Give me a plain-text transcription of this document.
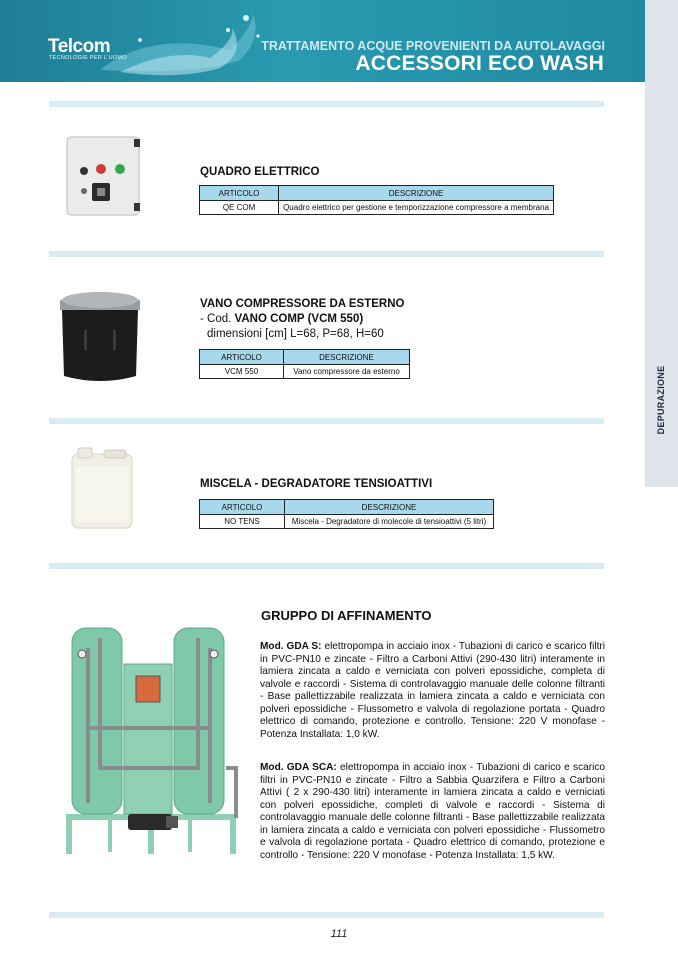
Telcom
TECNOLOGIE PER L'UOMO
TRATTAMENTO ACQUE PROVENIENTI DA AUTOLAVAGGI
ACCESSORI ECO WASH
DEPURAZIONE
QUADRO ELETTRICO
ARTICOLO	DESCRIZIONE
QE COM	Quadro elettrico per gestione e temporizzazione compressore a membrana
VANO COMPRESSORE DA ESTERNO
- Cod. VANO COMP (VCM 550)
dimensioni [cm] L=68, P=68, H=60
ARTICOLO	DESCRIZIONE
VCM 550	Vano compressore da esterno
MISCELA - DEGRADATORE TENSIOATTIVI
ARTICOLO	DESCRIZIONE
NO TENS	Miscela - Degradatore di molecole di tensioattivi (5 litri)
GRUPPO DI AFFINAMENTO
Mod. GDA S: elettropompa in acciaio inox - Tubazioni di carico e scarico filtri in PVC-PN10 e zincate - Filtro a Carboni Attivi (290-430 litri) interamente in lamiera zincata a caldo e verniciata con polveri epossidiche, completa di valvole e raccordi - Sistema di controlavaggio manuale delle colonne filtranti - Base pallettizzabile realizzata in lamiera zincata a caldo e verniciata con polveri epossidiche - Flussometro e valvola di regolazione portata - Quadro elettrico di comando, protezione e controllo. Tensione: 220 V monofase - Potenza Installata: 1,0 kW.
Mod. GDA SCA: elettropompa in acciaio inox - Tubazioni di carico e scarico filtri in PVC-PN10 e zincate - Filtro a Sabbia Quarzifera e Filtro a Carboni Attivi ( 2 x 290-430 litri) interamente in lamiera zincata a caldo e verniciati con polveri epossidiche, completi di valvole e raccordi - Sistema di controlavaggio manuale delle colonne filtranti - Base pallettizzabile realizzata in lamiera zincata a caldo e verniciata con polveri epossidiche - Flussometro e valvola di regolazione portata - Quadro elettrico di comando, protezione e controllo - Tensione: 220 V monofase - Potenza Installata: 1,5 kW.
111
